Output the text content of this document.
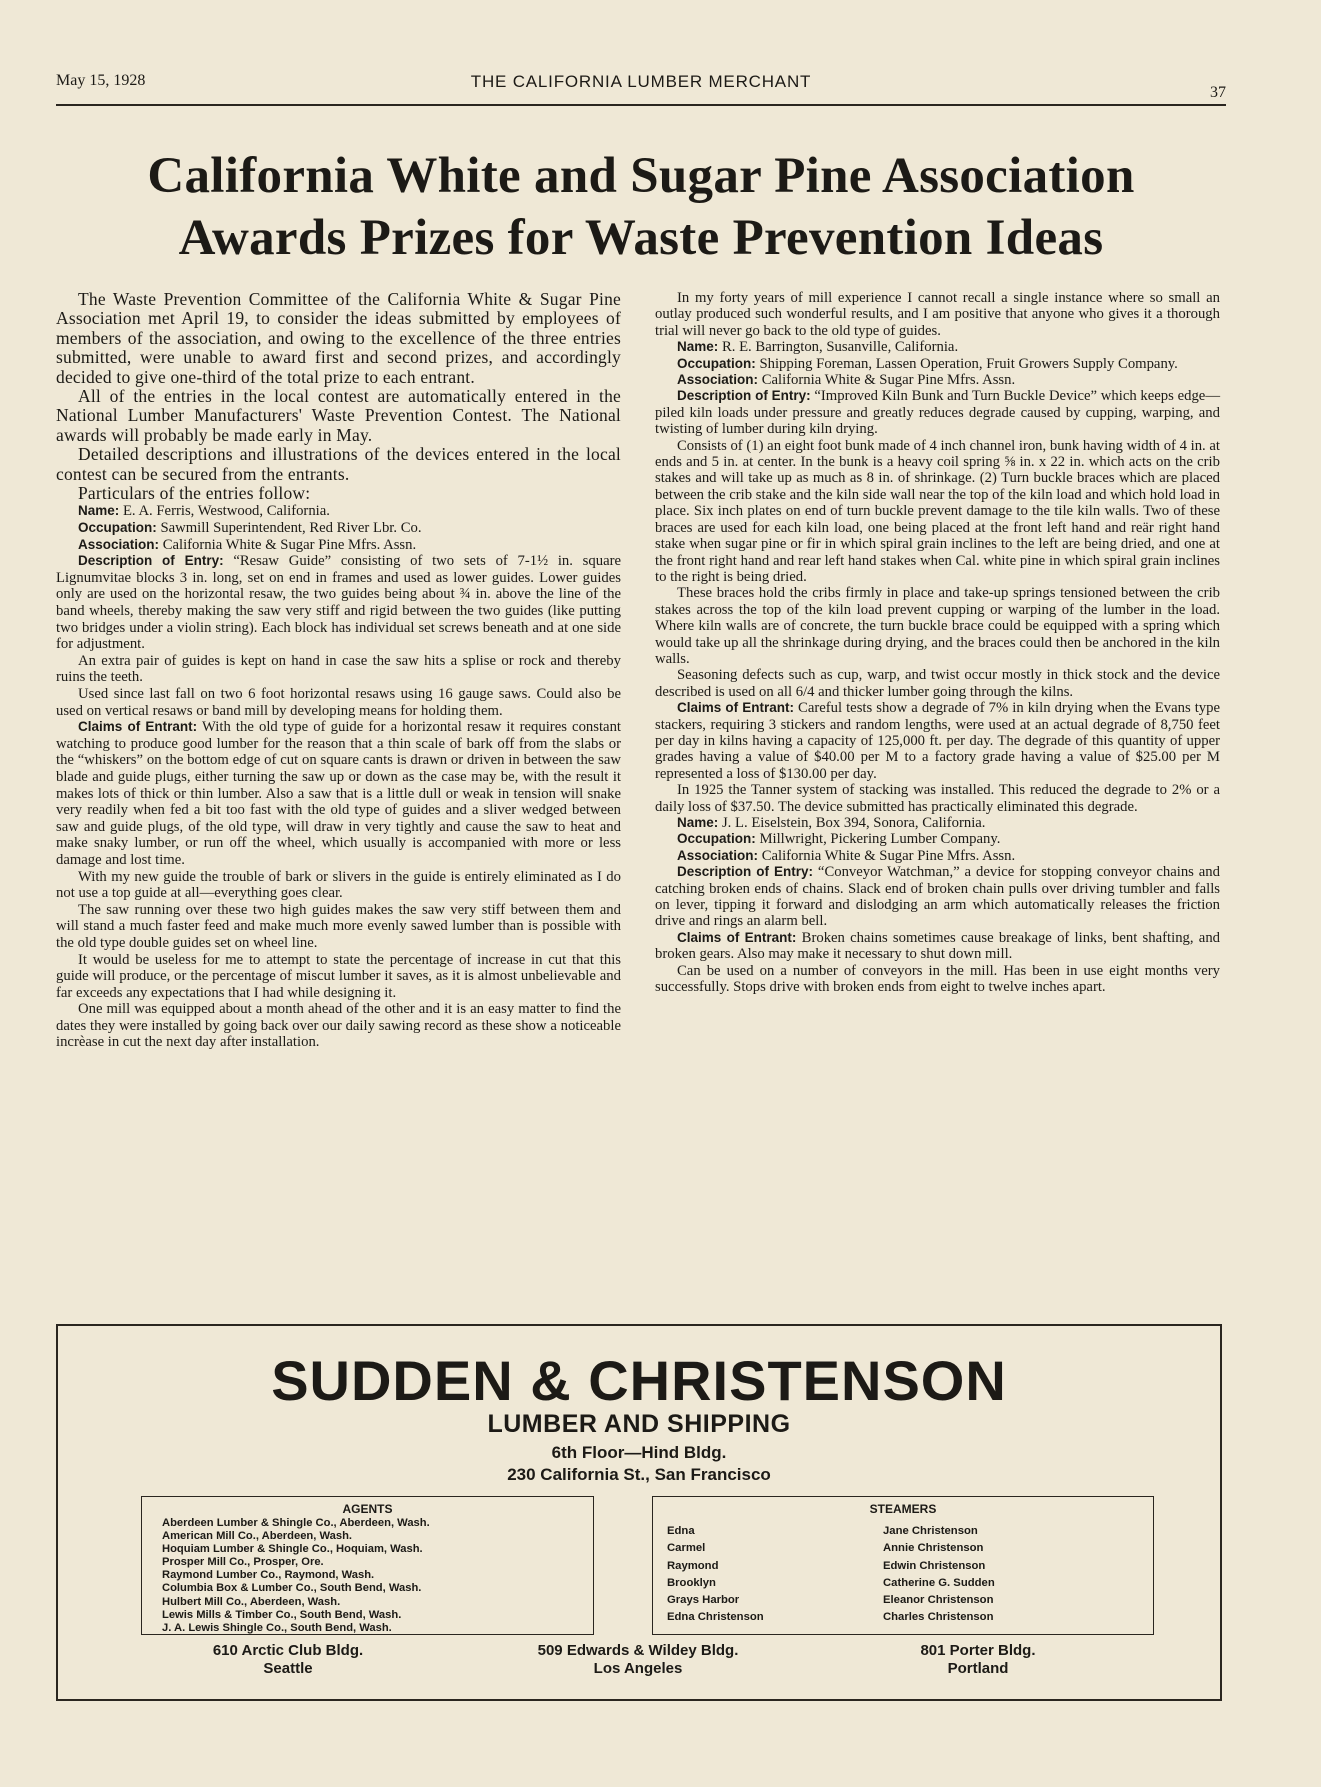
May 15, 1928	THE CALIFORNIA LUMBER MERCHANT
37
California White and Sugar Pine Association
Awards Prizes for Waste Prevention Ideas

The Waste Prevention Committee of the California White & Sugar Pine Association met April 19, to consider the ideas submitted by employees of members of the association, and owing to the excellence of the three entries submitted, were unable to award first and second prizes, and accordingly decided to give one-third of the total prize to each entrant.

All of the entries in the local contest are automatically entered in the National Lumber Manufacturers' Waste Prevention Contest. The National awards will probably be made early in May.

Detailed descriptions and illustrations of the devices entered in the local contest can be secured from the entrants.

Particulars of the entries follow:

Name: E. A. Ferris, Westwood, California.

Occupation: Sawmill Superintendent, Red River Lbr. Co.

Association: California White & Sugar Pine Mfrs. Assn.

Description of Entry: “Resaw Guide” consisting of two sets of 7-1½ in. square Lignumvitae blocks 3 in. long, set on end in frames and used as lower guides. Lower guides only are used on the horizontal resaw, the two guides being about ¾ in. above the line of the band wheels, thereby making the saw very stiff and rigid between the two guides (like putting two bridges under a violin string). Each block has individual set screws beneath and at one side for adjustment.

An extra pair of guides is kept on hand in case the saw hits a splise or rock and thereby ruins the teeth.

Used since last fall on two 6 foot horizontal resaws using 16 gauge saws. Could also be used on vertical resaws or band mill by developing means for holding them.

Claims of Entrant: With the old type of guide for a horizontal resaw it requires constant watching to produce good lumber for the reason that a thin scale of bark off from the slabs or the “whiskers” on the bottom edge of cut on square cants is drawn or driven in between the saw blade and guide plugs, either turning the saw up or down as the case may be, with the result it makes lots of thick or thin lumber. Also a saw that is a little dull or weak in tension will snake very readily when fed a bit too fast with the old type of guides and a sliver wedged between saw and guide plugs, of the old type, will draw in very tightly and cause the saw to heat and make snaky lumber, or run off the wheel, which usually is accompanied with more or less damage and lost time.

With my new guide the trouble of bark or slivers in the guide is entirely eliminated as I do not use a top guide at all—everything goes clear.

The saw running over these two high guides makes the saw very stiff between them and will stand a much faster feed and make much more evenly sawed lumber than is possible with the old type double guides set on wheel line.

It would be useless for me to attempt to state the percentage of increase in cut that this guide will produce, or the percentage of miscut lumber it saves, as it is almost unbelievable and far exceeds any expectations that I had while designing it.

One mill was equipped about a month ahead of the other and it is an easy matter to find the dates they were installed by going back over our daily sawing record as these show a noticeable incrèase in cut the next day after installation.

In my forty years of mill experience I cannot recall a single instance where so small an outlay produced such wonderful results, and I am positive that anyone who gives it a thorough trial will never go back to the old type of guides.

Name: R. E. Barrington, Susanville, California.

Occupation: Shipping Foreman, Lassen Operation, Fruit Growers Supply Company.

Association: California White & Sugar Pine Mfrs. Assn.

Description of Entry: “Improved Kiln Bunk and Turn Buckle Device” which keeps edge—piled kiln loads under pressure and greatly reduces degrade caused by cupping, warping, and twisting of lumber during kiln drying.

Consists of (1) an eight foot bunk made of 4 inch channel iron, bunk having width of 4 in. at ends and 5 in. at center. In the bunk is a heavy coil spring ⅝ in. x 22 in. which acts on the crib stakes and will take up as much as 8 in. of shrinkage. (2) Turn buckle braces which are placed between the crib stake and the kiln side wall near the top of the kiln load and which hold load in place. Six inch plates on end of turn buckle prevent damage to the tile kiln walls. Two of these braces are used for each kiln load, one being placed at the front left hand and reär right hand stake when sugar pine or fir in which spiral grain inclines to the left are being dried, and one at the front right hand and rear left hand stakes when Cal. white pine in which spiral grain inclines to the right is being dried.

These braces hold the cribs firmly in place and take-up springs tensioned between the crib stakes across the top of the kiln load prevent cupping or warping of the lumber in the load. Where kiln walls are of concrete, the turn buckle brace could be equipped with a spring which would take up all the shrinkage during drying, and the braces could then be anchored in the kiln walls.

Seasoning defects such as cup, warp, and twist occur mostly in thick stock and the device described is used on all 6/4 and thicker lumber going through the kilns.

Claims of Entrant: Careful tests show a degrade of 7% in kiln drying when the Evans type stackers, requiring 3 stickers and random lengths, were used at an actual degrade of 8,750 feet per day in kilns having a capacity of 125,000 ft. per day. The degrade of this quantity of upper grades having a value of $40.00 per M to a factory grade having a value of $25.00 per M represented a loss of $130.00 per day.

In 1925 the Tanner system of stacking was installed. This reduced the degrade to 2% or a daily loss of $37.50. The device submitted has practically eliminated this degrade.

Name: J. L. Eiselstein, Box 394, Sonora, California.

Occupation: Millwright, Pickering Lumber Company.

Association: California White & Sugar Pine Mfrs. Assn.

Description of Entry: “Conveyor Watchman,” a device for stopping conveyor chains and catching broken ends of chains. Slack end of broken chain pulls over driving tumbler and falls on lever, tipping it forward and dislodging an arm which automatically releases the friction drive and rings an alarm bell.

Claims of Entrant: Broken chains sometimes cause breakage of links, bent shafting, and broken gears. Also may make it necessary to shut down mill.

Can be used on a number of conveyors in the mill. Has been in use eight months very successfully. Stops drive with broken ends from eight to twelve inches apart.

SUDDEN & CHRISTENSON
LUMBER AND SHIPPING
6th Floor—Hind Bldg.
230 California St., San Francisco
AGENTS
Aberdeen Lumber & Shingle Co., Aberdeen, Wash.
American Mill Co., Aberdeen, Wash.
Hoquiam Lumber & Shingle Co., Hoquiam, Wash.
Prosper Mill Co., Prosper, Ore.
Raymond Lumber Co., Raymond, Wash.
Columbia Box & Lumber Co., South Bend, Wash.
Hulbert Mill Co., Aberdeen, Wash.
Lewis Mills & Timber Co., South Bend, Wash.
J. A. Lewis Shingle Co., South Bend, Wash.
STEAMERS
Edna
Carmel
Raymond
Brooklyn
Grays Harbor
Edna Christenson
Jane Christenson
Annie Christenson
Edwin Christenson
Catherine G. Sudden
Eleanor Christenson
Charles Christenson
610 Arctic Club Bldg.
Seattle
509 Edwards & Wildey Bldg.
Los Angeles
801 Porter Bldg.
Portland
